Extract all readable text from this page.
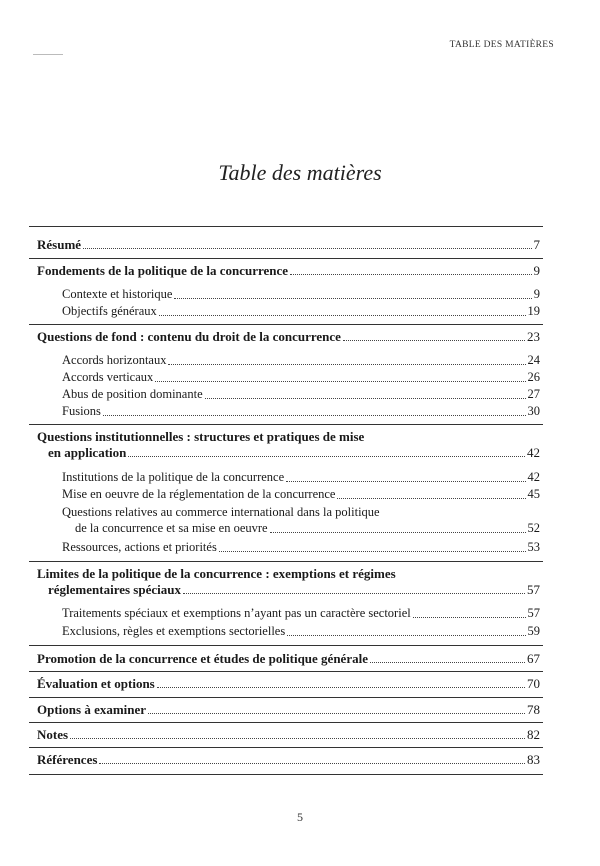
TABLE DES MATIÈRES
Table des matières
Résumé	7
Fondements de la politique de la concurrence	9
Contexte et historique	9
Objectifs généraux	19
Questions de fond : contenu du droit de la concurrence	23
Accords horizontaux	24
Accords verticaux	26
Abus de position dominante	27
Fusions	30
Questions institutionnelles : structures et pratiques de mise
en application	42
Institutions de la politique de la concurrence	42
Mise en oeuvre de la réglementation de la concurrence	45
Questions relatives au commerce international dans la politique
de la concurrence et sa mise en oeuvre	52
Ressources, actions et priorités	53
Limites de la politique de la concurrence : exemptions et régimes
réglementaires spéciaux	57
Traitements spéciaux et exemptions n’ayant pas un caractère sectoriel	57
Exclusions, règles et exemptions sectorielles	59
Promotion de la concurrence et études de politique générale	67
Évaluation et options	70
Options à examiner	78
Notes	82
Références	83
5
